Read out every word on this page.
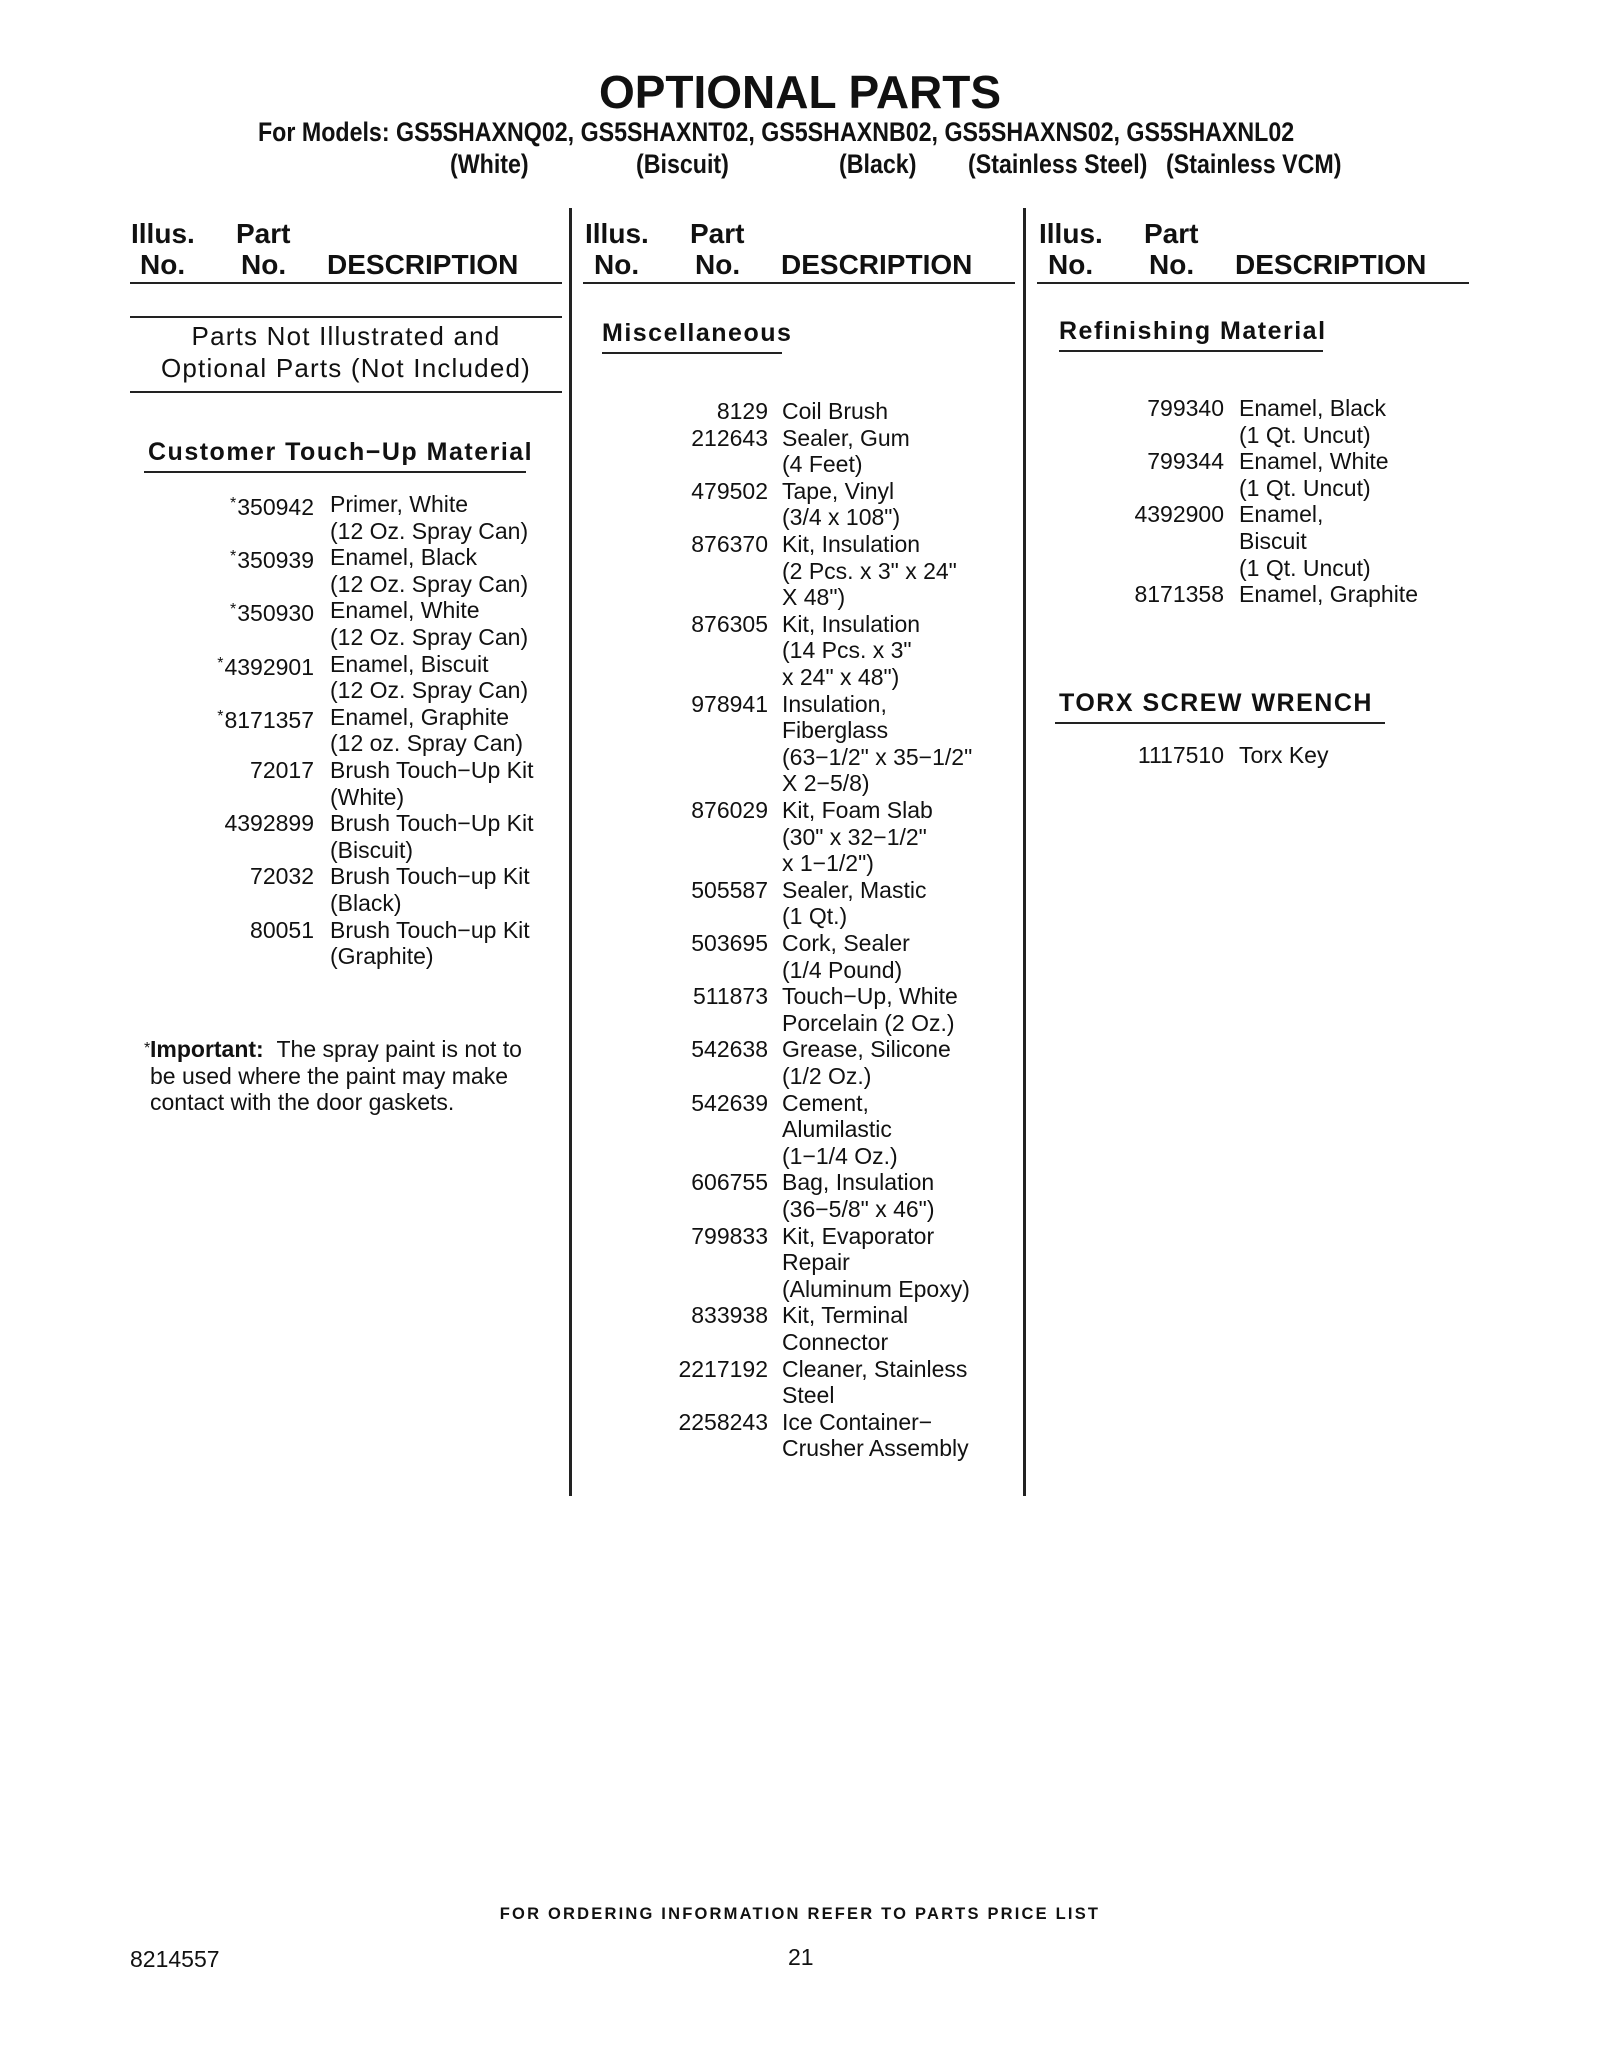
OPTIONAL PARTS
For Models: GS5SHAXNQ02, GS5SHAXNT02, GS5SHAXNB02, GS5SHAXNS02, GS5SHAXNL02
(White)	(Biscuit)	(Black) (Stainless Steel) (Stainless VCM)
Illus. Part
No. No. DESCRIPTION
Illus. Part
No. No. DESCRIPTION
Illus. Part
No. No. DESCRIPTION
Parts Not Illustrated and
Optional Parts (Not Included)
Customer Touch−Up Material
*350942 Primer, White
(12 Oz. Spray Can)
*350939 Enamel, Black
(12 Oz. Spray Can)
*350930 Enamel, White
(12 Oz. Spray Can)
*4392901 Enamel, Biscuit
(12 Oz. Spray Can)
*8171357 Enamel, Graphite
(12 oz. Spray Can)
72017 Brush Touch−Up Kit
(White)
4392899 Brush Touch−Up Kit
(Biscuit)
72032 Brush Touch−up Kit
(Black)
80051 Brush Touch−up Kit
(Graphite)
* Important: The spray paint is not to be used where the paint may make contact with the door gaskets.
Miscellaneous
8129 Coil Brush
212643 Sealer, Gum
(4 Feet)
479502 Tape, Vinyl
(3/4 x 108")
876370 Kit, Insulation
(2 Pcs. x 3" x 24"
X 48")
876305 Kit, Insulation
(14 Pcs. x 3"
x 24" x 48")
978941 Insulation,
Fiberglass
(63−1/2" x 35−1/2"
X 2−5/8)
876029 Kit, Foam Slab
(30" x 32−1/2"
x 1−1/2")
505587 Sealer, Mastic
(1 Qt.)
503695 Cork, Sealer
(1/4 Pound)
511873 Touch−Up, White
Porcelain (2 Oz.)
542638 Grease, Silicone
(1/2 Oz.)
542639 Cement,
Alumilastic
(1−1/4 Oz.)
606755 Bag, Insulation
(36−5/8" x 46")
799833 Kit, Evaporator
Repair
(Aluminum Epoxy)
833938 Kit, Terminal
Connector
2217192 Cleaner, Stainless
Steel
2258243 Ice Container−
Crusher Assembly
Refinishing Material
799340 Enamel, Black
(1 Qt. Uncut)
799344 Enamel, White
(1 Qt. Uncut)
4392900 Enamel,
Biscuit
(1 Qt. Uncut)
8171358 Enamel, Graphite
TORX SCREW WRENCH
1117510 Torx Key
FOR ORDERING INFORMATION REFER TO PARTS PRICE LIST
8214557	21
